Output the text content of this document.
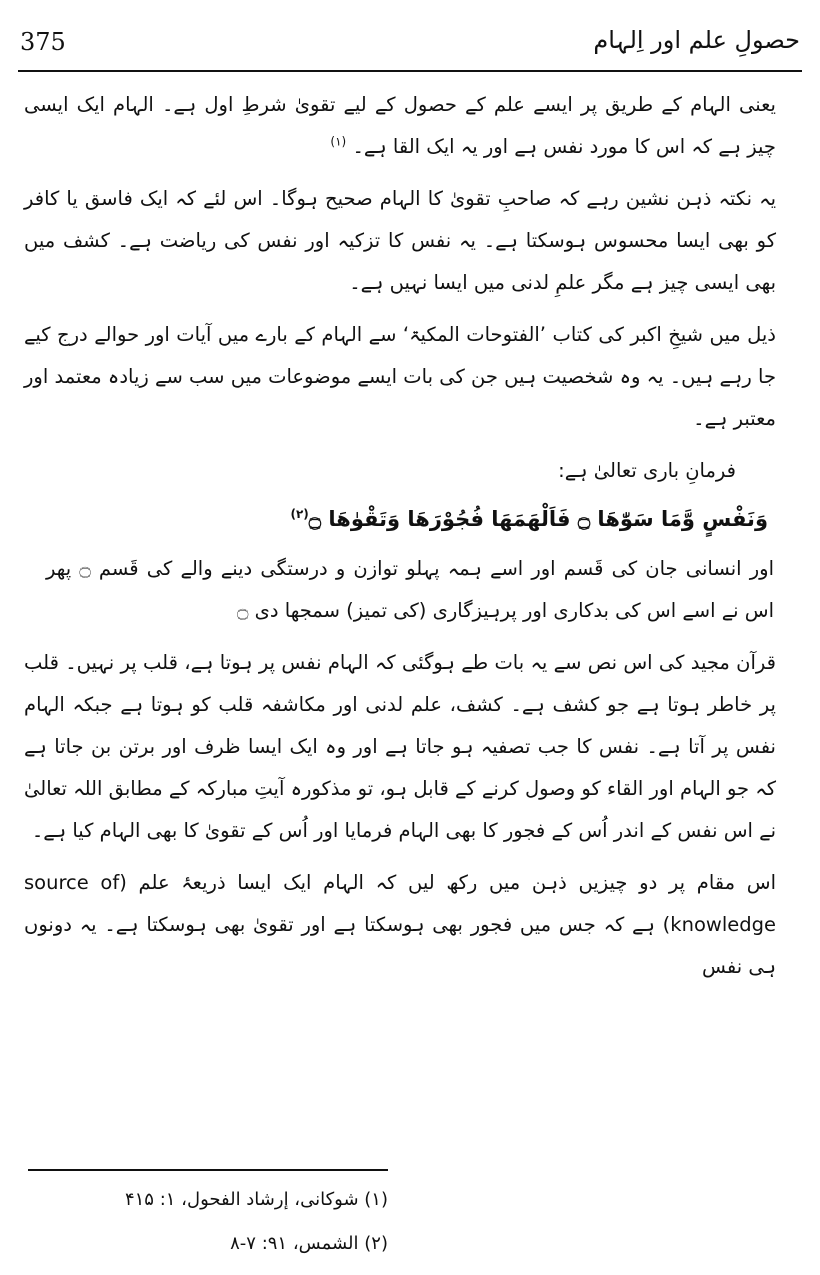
375	حصولِ علم اور اِلہام

یعنی الہام کے طریق پر ایسے علم کے حصول کے لیے تقویٰ شرطِ اول ہے۔ الہام ایک ایسی چیز ہے کہ اس کا مورد نفس ہے اور یہ ایک القا ہے۔ $^{(۱)}$

یہ نکتہ ذہن نشین رہے کہ صاحبِ تقویٰ کا الہام صحیح ہوگا۔ اس لئے کہ ایک فاسق یا کافر کو بھی ایسا محسوس ہوسکتا ہے۔ یہ نفس کا تزکیہ اور نفس کی ریاضت ہے۔ کشف میں بھی ایسی چیز ہے مگر علمِ لدنی میں ایسا نہیں ہے۔

ذیل میں شیخِ اکبر کی کتاب ’الفتوحات المکیۃ‘ سے الہام کے بارے میں آیات اور حوالے درج کیے جا رہے ہیں۔ یہ وہ شخصیت ہیں جن کی بات ایسے موضوعات میں سب سے زیادہ معتمد اور معتبر ہے۔

فرمانِ باری تعالیٰ ہے:

وَنَفْسٍ وَّمَا سَوّٰهَا ۝ فَاَلْهَمَهَا فُجُوْرَهَا وَتَقْوٰهَا ۝$^{(۲)}$

اور انسانی جان کی قَسم اور اسے ہمہ پہلو توازن و درستگی دینے والے کی قَسم ۝ پھر اس نے اسے اس کی بدکاری اور پرہیزگاری (کی تمیز) سمجھا دی ۝

قرآن مجید کی اس نص سے یہ بات طے ہوگئی کہ الہام نفس پر ہوتا ہے، قلب پر نہیں۔ قلب پر خاطر ہوتا ہے جو کشف ہے۔ کشف، علم لدنی اور مکاشفہ قلب کو ہوتا ہے جبکہ الہام نفس پر آتا ہے۔ نفس کا جب تصفیہ ہو جاتا ہے اور وہ ایک ایسا ظرف اور برتن بن جاتا ہے کہ جو الہام اور القاء کو وصول کرنے کے قابل ہو، تو مذکورہ آیتِ مبارکہ کے مطابق اللہ تعالیٰ نے اس نفس کے اندر اُس کے فجور کا بھی الہام فرمایا اور اُس کے تقویٰ کا بھی الہام کیا ہے۔

اس مقام پر دو چیزیں ذہن میں رکھ لیں کہ الہام ایک ایسا ذریعۂ علم (source of knowledge) ہے کہ جس میں فجور بھی ہوسکتا ہے اور تقویٰ بھی ہوسکتا ہے۔ یہ دونوں ہی نفس

(۱) شوکانی، إرشاد الفحول، ۱: ۴۱۵
(۲) الشمس، ۹۱: ۷-۸
